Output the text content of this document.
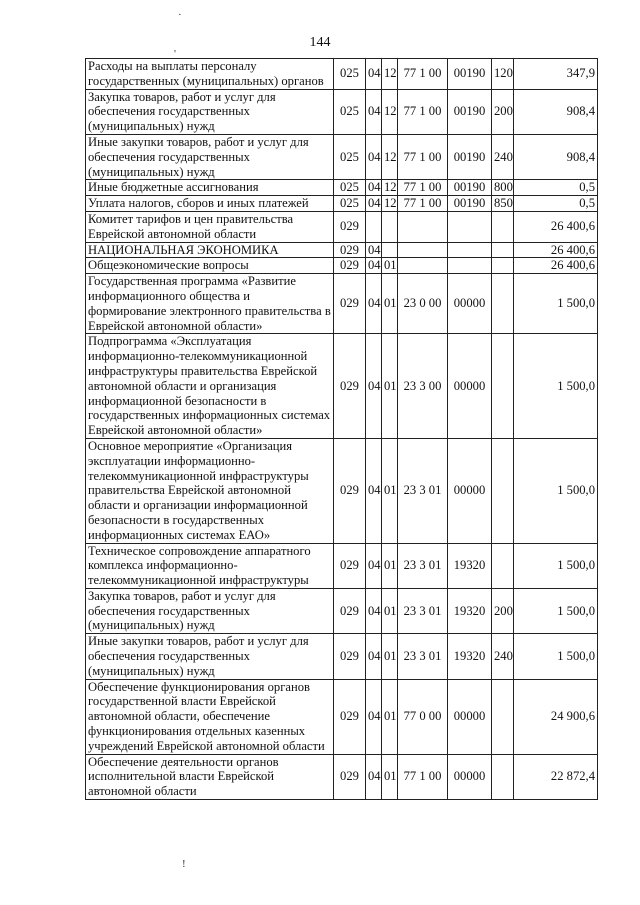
144
·
'
!
Расходы на выплаты персоналу государственных (муниципальных) органов	025	04	12	77 1 00	00190	120	347,9
Закупка товаров, работ и услуг для обеспечения государственных (муниципальных) нужд	025	04	12	77 1 00	00190	200	908,4
Иные закупки товаров, работ и услуг для обеспечения государственных (муниципальных) нужд	025	04	12	77 1 00	00190	240	908,4
Иные бюджетные ассигнования	025	04	12	77 1 00	00190	800	0,5
Уплата налогов, сборов и иных платежей	025	04	12	77 1 00	00190	850	0,5
Комитет тарифов и цен правительства Еврейской автономной области	029						26 400,6
НАЦИОНАЛЬНАЯ ЭКОНОМИКА	029	04					26 400,6
Общеэкономические вопросы	029	04	01				26 400,6
Государственная программа «Развитие информационного общества и формирование электронного правительства в Еврейской автономной области»	029	04	01	23 0 00	00000		1 500,0
Подпрограмма «Эксплуатация информационно-телекоммуникационной инфраструктуры правительства Еврейской автономной области и организация информационной безопасности в государственных информационных системах Еврейской автономной области»	029	04	01	23 3 00	00000		1 500,0
Основное мероприятие «Организация эксплуатации информационно-телекоммуникационной инфраструктуры правительства Еврейской автономной области и организации информационной безопасности в государственных информационных системах ЕАО»	029	04	01	23 3 01	00000		1 500,0
Техническое сопровождение аппаратного комплекса информационно-телекоммуникационной инфраструктуры	029	04	01	23 3 01	19320		1 500,0
Закупка товаров, работ и услуг для обеспечения государственных (муниципальных) нужд	029	04	01	23 3 01	19320	200	1 500,0
Иные закупки товаров, работ и услуг для обеспечения государственных (муниципальных) нужд	029	04	01	23 3 01	19320	240	1 500,0
Обеспечение функционирования органов государственной власти Еврейской автономной области, обеспечение функционирования отдельных казенных учреждений Еврейской автономной области	029	04	01	77 0 00	00000		24 900,6
Обеспечение деятельности органов исполнительной власти Еврейской автономной области	029	04	01	77 1 00	00000		22 872,4
